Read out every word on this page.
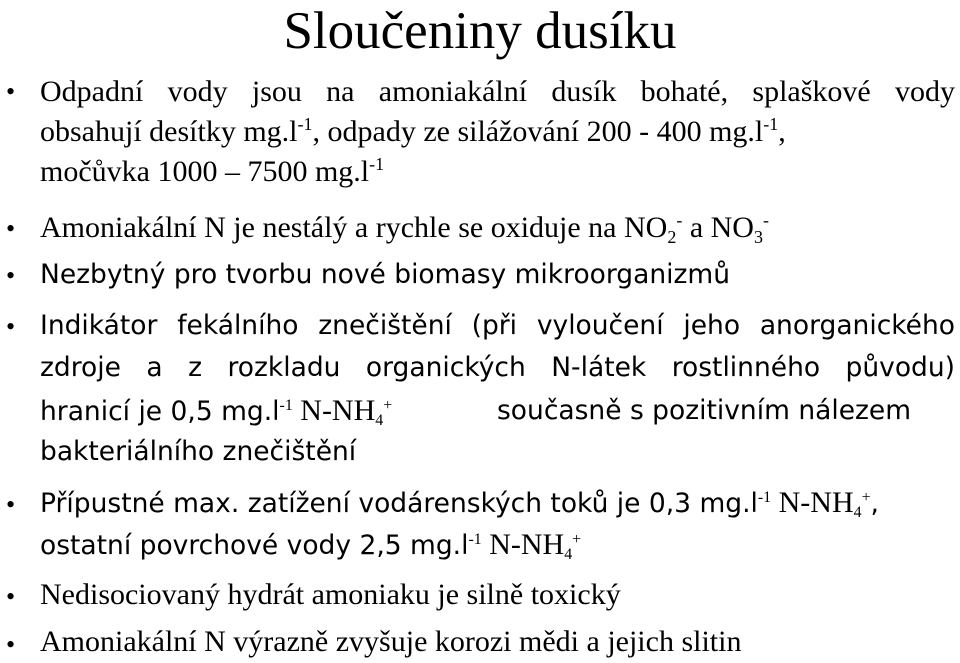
Sloučeniny dusíku
• Odpadní vody jsou na amoniakální dusík bohaté, splaškové vody
obsahují desítky $mg.l^{-1}$, odpady ze silážování 200 - 400 $mg.l^{-1}$,
močůvka 1000 – 7500 $mg.l^{-1}$
• Amoniakální N je nestálý a rychle se oxiduje na $NO_2^-$ a $NO_3^-$
• Nezbytný pro tvorbu nové biomasy mikroorganizmů
• Indikátor fekálního znečištění (při vyloučení jeho anorganického
zdroje a z rozkladu organických N-látek rostlinného původu)
hranicí je 0,5 $mg.l^{-1}$ $N-NH_4^+$	současně s pozitivním nálezem
bakteriálního znečištění
• Přípustné max. zatížení vodárenských toků je 0,3 $mg.l^{-1}$ $N-NH_4^+$,
ostatní povrchové vody 2,5 $mg.l^{-1}$ $N-NH_4^+$
• Nedisociovaný hydrát amoniaku je silně toxický
• Amoniakální N výrazně zvyšuje korozi mědi a jejich slitin
